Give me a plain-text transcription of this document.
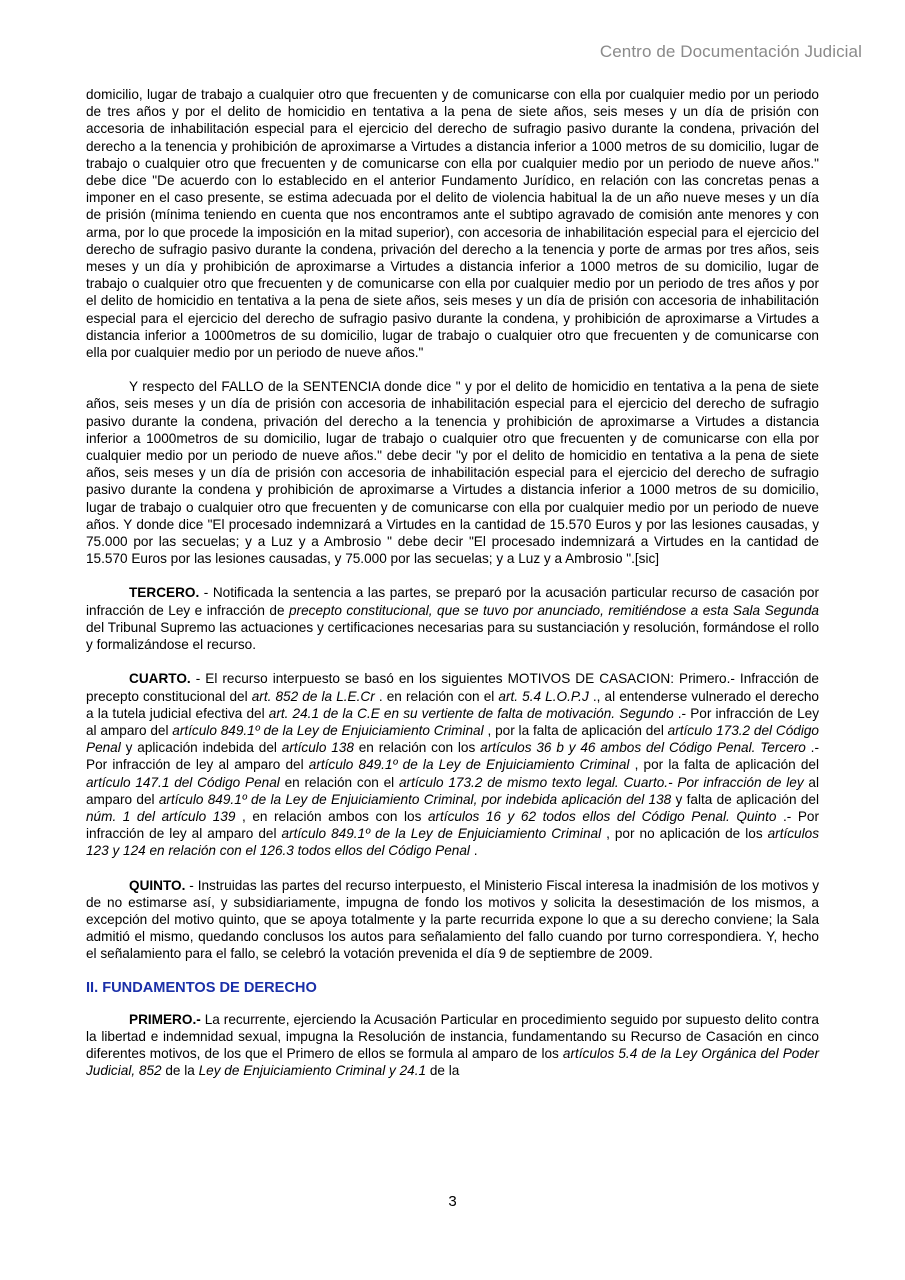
Centro de Documentación Judicial

domicilio, lugar de trabajo a cualquier otro que frecuenten y de comunicarse con ella por cualquier medio por un periodo de tres años y por el delito de homicidio en tentativa a la pena de siete años, seis meses y un día de prisión con accesoria de inhabilitación especial para el ejercicio del derecho de sufragio pasivo durante la condena, privación del derecho a la tenencia y prohibición de aproximarse a Virtudes a distancia inferior a 1000 metros de su domicilio, lugar de trabajo o cualquier otro que frecuenten y de comunicarse con ella por cualquier medio por un periodo de nueve años." debe dice "De acuerdo con lo establecido en el anterior Fundamento Jurídico, en relación con las concretas penas a imponer en el caso presente, se estima adecuada por el delito de violencia habitual la de un año nueve meses y un día de prisión (mínima teniendo en cuenta que nos encontramos ante el subtipo agravado de comisión ante menores y con arma, por lo que procede la imposición en la mitad superior), con accesoria de inhabilitación especial para el ejercicio del derecho de sufragio pasivo durante la condena, privación del derecho a la tenencia y porte de armas por tres años, seis meses y un día y prohibición de aproximarse a Virtudes a distancia inferior a 1000 metros de su domicilio, lugar de trabajo o cualquier otro que frecuenten y de comunicarse con ella por cualquier medio por un periodo de tres años y por el delito de homicidio en tentativa a la pena de siete años, seis meses y un día de prisión con accesoria de inhabilitación especial para el ejercicio del derecho de sufragio pasivo durante la condena, y prohibición de aproximarse a Virtudes a distancia inferior a 1000metros de su domicilio, lugar de trabajo o cualquier otro que frecuenten y de comunicarse con ella por cualquier medio por un periodo de nueve años."

Y respecto del FALLO de la SENTENCIA donde dice " y por el delito de homicidio en tentativa a la pena de siete años, seis meses y un día de prisión con accesoria de inhabilitación especial para el ejercicio del derecho de sufragio pasivo durante la condena, privación del derecho a la tenencia y prohibición de aproximarse a Virtudes a distancia inferior a 1000metros de su domicilio, lugar de trabajo o cualquier otro que frecuenten y de comunicarse con ella por cualquier medio por un periodo de nueve años." debe decir "y por el delito de homicidio en tentativa a la pena de siete años, seis meses y un día de prisión con accesoria de inhabilitación especial para el ejercicio del derecho de sufragio pasivo durante la condena y prohibición de aproximarse a Virtudes a distancia inferior a 1000 metros de su domicilio, lugar de trabajo o cualquier otro que frecuenten y de comunicarse con ella por cualquier medio por un periodo de nueve años. Y donde dice "El procesado indemnizará a Virtudes en la cantidad de 15.570 Euros y por las lesiones causadas, y 75.000 por las secuelas; y a Luz y a Ambrosio " debe decir "El procesado indemnizará a Virtudes en la cantidad de 15.570 Euros por las lesiones causadas, y 75.000 por las secuelas; y a Luz y a Ambrosio ".[sic]

TERCERO. - Notificada la sentencia a las partes, se preparó por la acusación particular recurso de casación por infracción de Ley e infracción de precepto constitucional, que se tuvo por anunciado, remitiéndose a esta Sala Segunda del Tribunal Supremo las actuaciones y certificaciones necesarias para su sustanciación y resolución, formándose el rollo y formalizándose el recurso.

CUARTO. - El recurso interpuesto se basó en los siguientes MOTIVOS DE CASACION: Primero.- Infracción de precepto constitucional del art. 852 de la L.E.Cr . en relación con el art. 5.4 L.O.P.J ., al entenderse vulnerado el derecho a la tutela judicial efectiva del art. 24.1 de la C.E en su vertiente de falta de motivación. Segundo .- Por infracción de Ley al amparo del artículo 849.1º de la Ley de Enjuiciamiento Criminal , por la falta de aplicación del artículo 173.2 del Código Penal y aplicación indebida del artículo 138 en relación con los artículos 36 b y 46 ambos del Código Penal. Tercero .- Por infracción de ley al amparo del artículo 849.1º de la Ley de Enjuiciamiento Criminal , por la falta de aplicación del artículo 147.1 del Código Penal en relación con el artículo 173.2 de mismo texto legal. Cuarto.- Por infracción de ley al amparo del artículo 849.1º de la Ley de Enjuiciamiento Criminal, por indebida aplicación del 138 y falta de aplicación del núm. 1 del artículo 139 , en relación ambos con los artículos 16 y 62 todos ellos del Código Penal. Quinto .- Por infracción de ley al amparo del artículo 849.1º de la Ley de Enjuiciamiento Criminal , por no aplicación de los artículos 123 y 124 en relación con el 126.3 todos ellos del Código Penal .

QUINTO. - Instruidas las partes del recurso interpuesto, el Ministerio Fiscal interesa la inadmisión de los motivos y de no estimarse así, y subsidiariamente, impugna de fondo los motivos y solicita la desestimación de los mismos, a excepción del motivo quinto, que se apoya totalmente y la parte recurrida expone lo que a su derecho conviene; la Sala admitió el mismo, quedando conclusos los autos para señalamiento del fallo cuando por turno correspondiera. Y, hecho el señalamiento para el fallo, se celebró la votación prevenida el día 9 de septiembre de 2009.

II. FUNDAMENTOS DE DERECHO

PRIMERO.- La recurrente, ejerciendo la Acusación Particular en procedimiento seguido por supuesto delito contra la libertad e indemnidad sexual, impugna la Resolución de instancia, fundamentando su Recurso de Casación en cinco diferentes motivos, de los que el Primero de ellos se formula al amparo de los artículos 5.4 de la Ley Orgánica del Poder Judicial, 852 de la Ley de Enjuiciamiento Criminal y 24.1 de la

3
